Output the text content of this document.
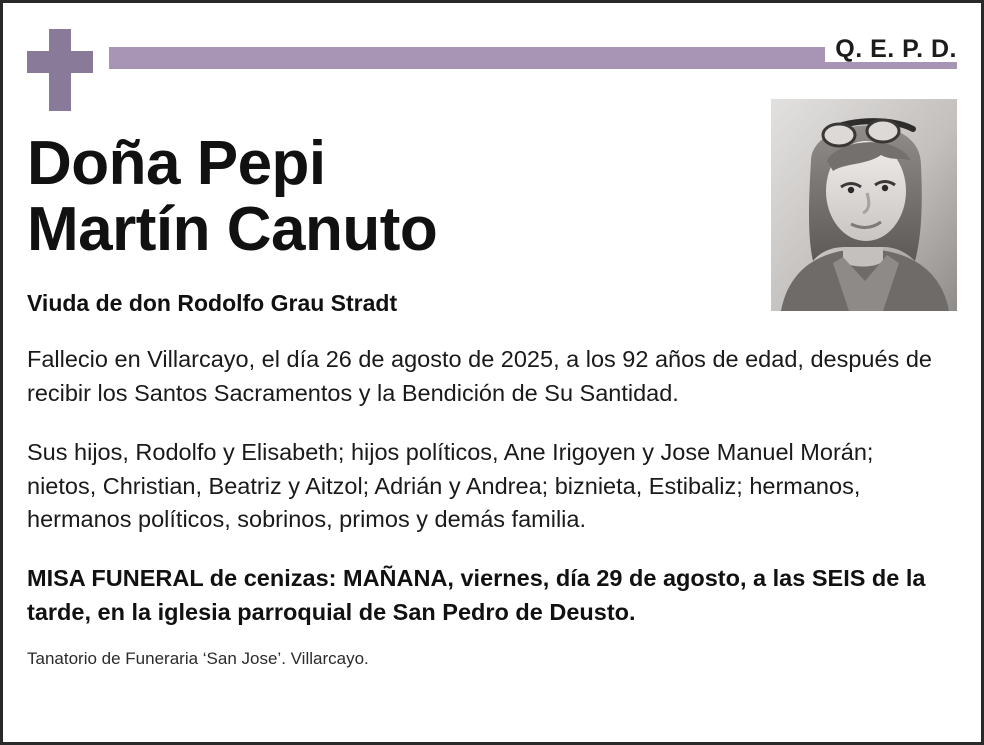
Q. E. P. D.
Doña Pepi
Martín Canuto

Viuda de don Rodolfo Grau Stradt

Fallecio en Villarcayo, el día 26 de agosto de 2025, a los 92 años de edad, después de recibir los Santos Sacramentos y la Bendición de Su Santidad.

Sus hijos, Rodolfo y Elisabeth; hijos políticos, Ane Irigoyen y Jose Manuel Morán; nietos, Christian, Beatriz y Aitzol; Adrián y Andrea; biznieta, Estibaliz; hermanos, hermanos políticos, sobrinos, primos y demás familia.

MISA FUNERAL de cenizas: MAÑANA, viernes, día 29 de agosto, a las SEIS de la tarde, en la iglesia parroquial de San Pedro de Deusto.

Tanatorio de Funeraria ‘San Jose’. Villarcayo.
